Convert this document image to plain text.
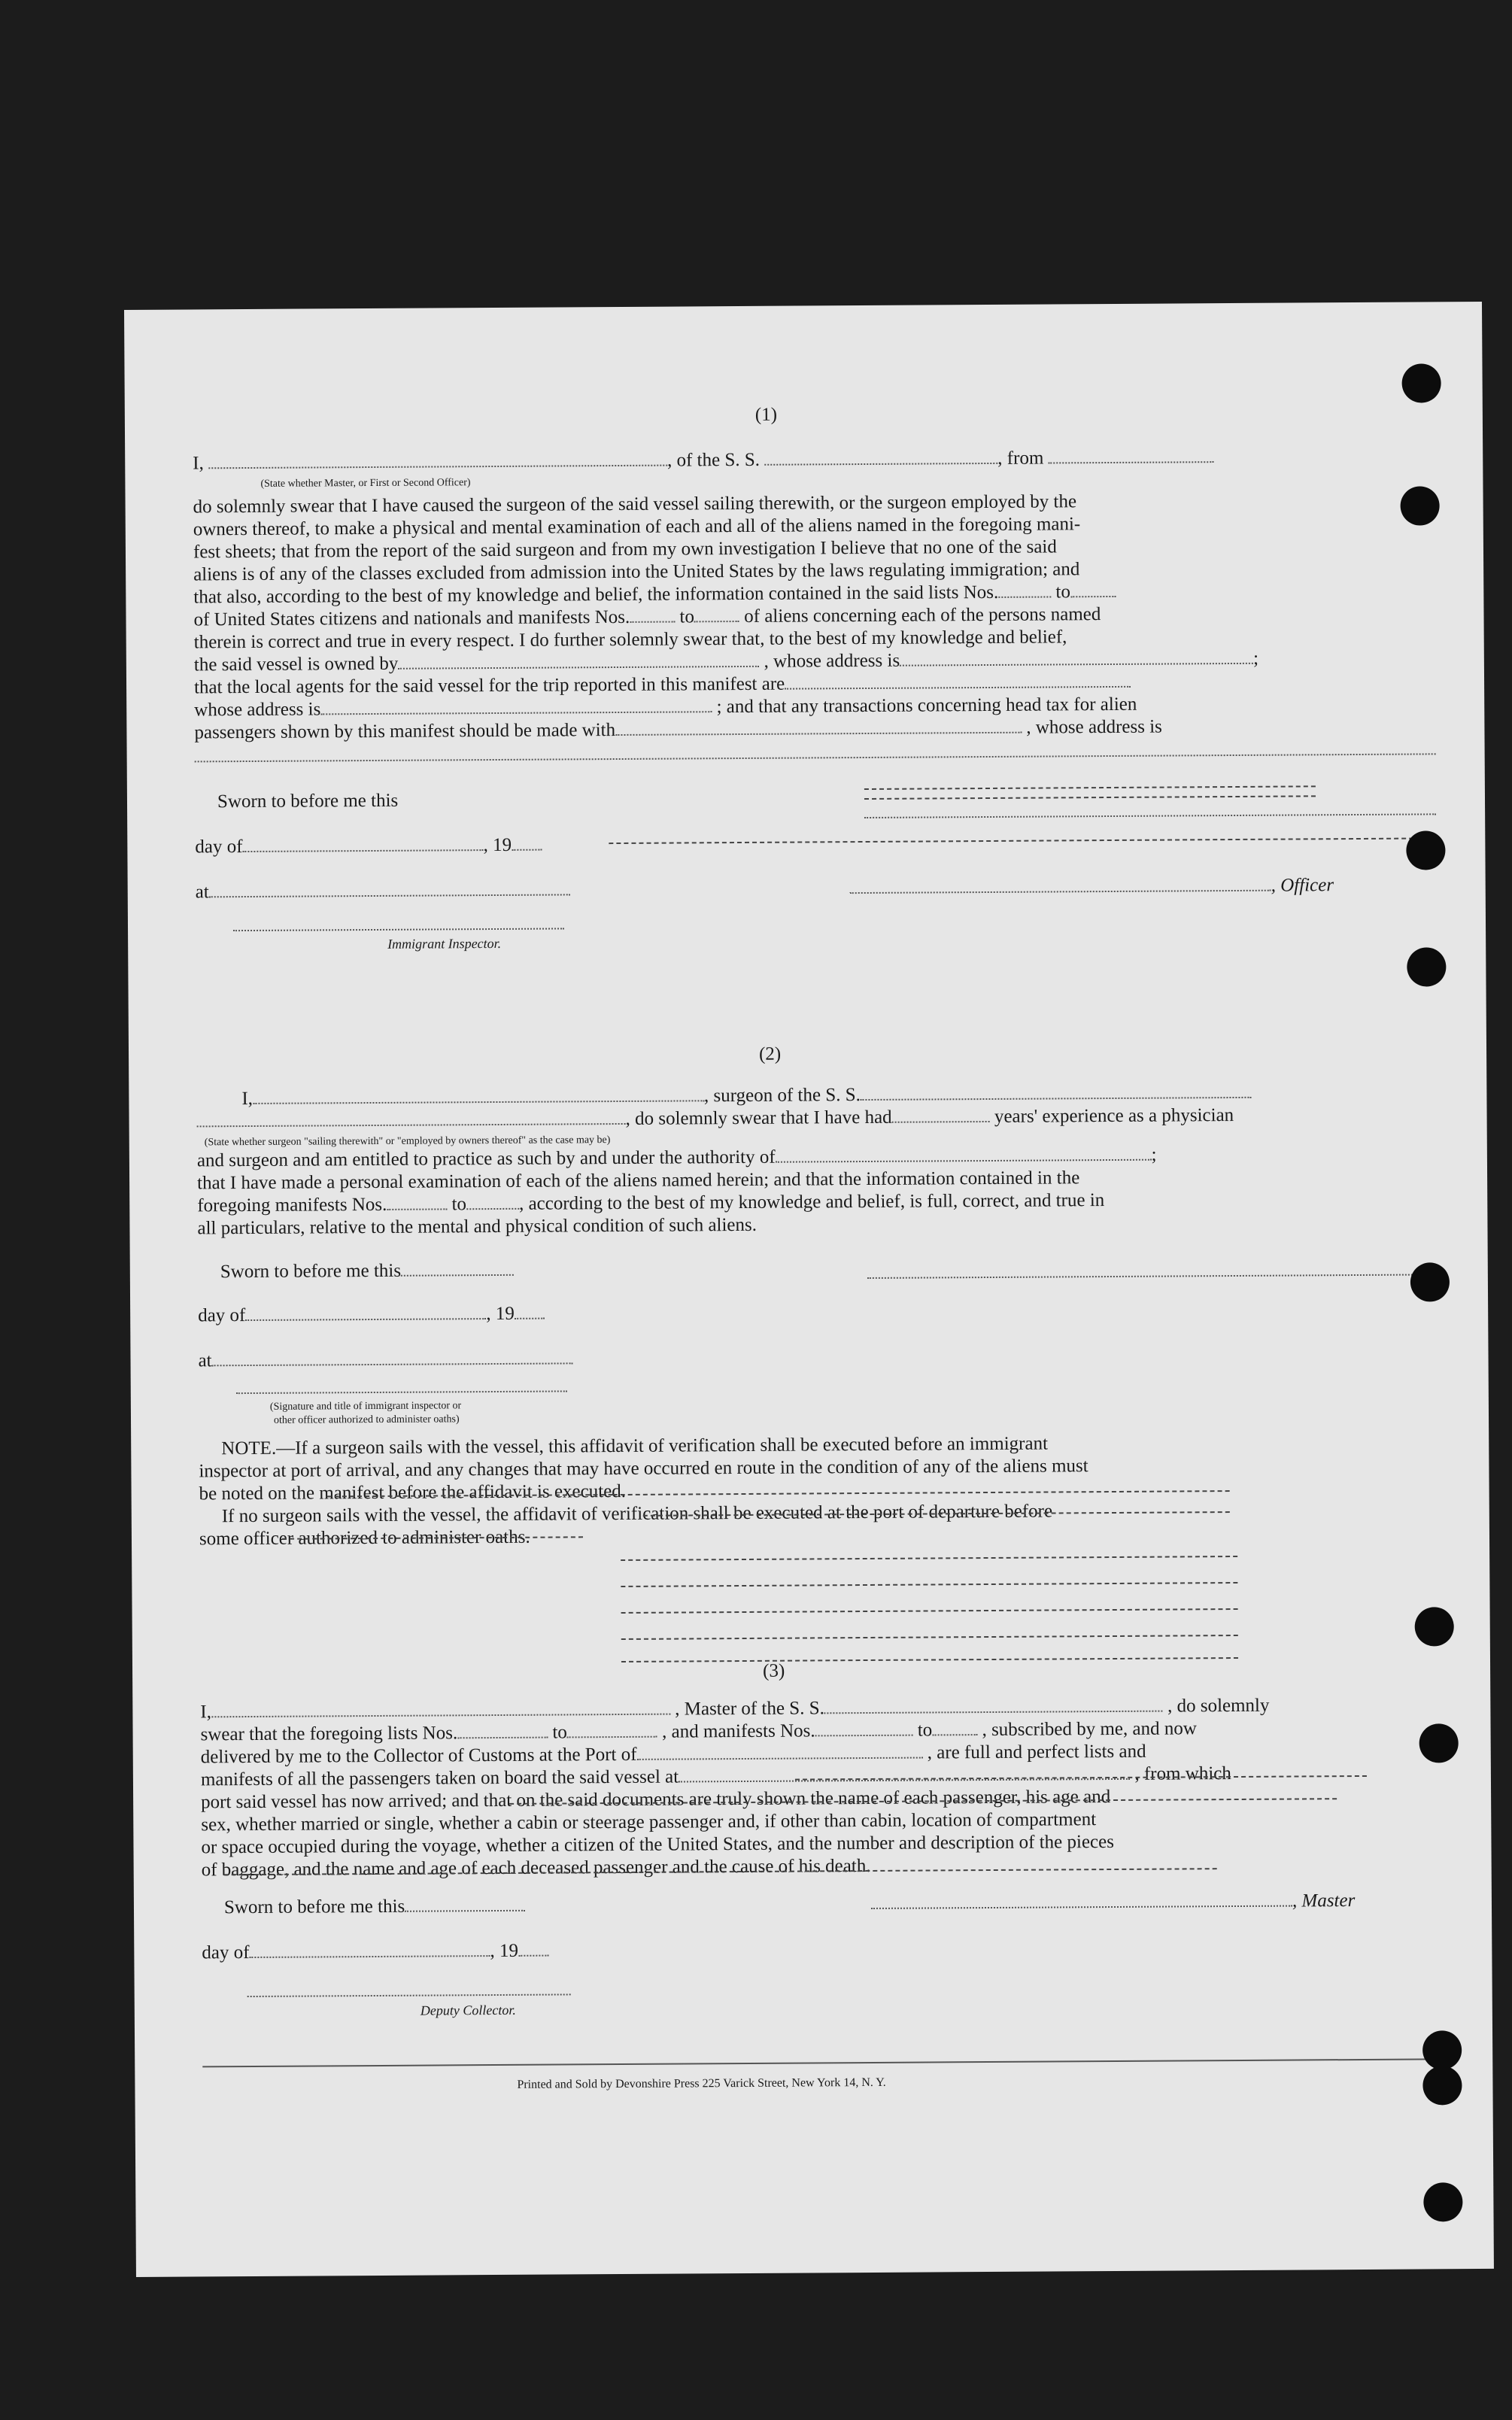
(1)
I,	, of the S. S.	, from
(State whether Master, or First or Second Officer)
do solemnly swear that I have caused the surgeon of the said vessel sailing therewith, or the surgeon employed by the
owners thereof, to make a physical and mental examination of each and all of the aliens named in the foregoing mani-
fest sheets; that from the report of the said surgeon and from my own investigation I believe that no one of the said
aliens is of any of the classes excluded from admission into the United States by the laws regulating immigration; and
that also, according to the best of my knowledge and belief, the information contained in the said lists Nos.	to
of United States citizens and nationals and manifests Nos.	to	of aliens concerning each of the persons named
therein is correct and true in every respect. I do further solemnly swear that, to the best of my knowledge and belief,
the said vessel is owned by	, whose address is	;
that the local agents for the said vessel for the trip reported in this manifest are
whose address is	; and that any transactions concerning head tax for alien
passengers shown by this manifest should be made with	, whose address is
Sworn to before me this
day of	, 19
at	, Officer
Immigrant Inspector.
(2)
I,	, surgeon of the S. S.
, do solemnly swear that I have had	years' experience as a physician
(State whether surgeon "sailing therewith" or "employed by owners thereof" as the case may be)
and surgeon and am entitled to practice as such by and under the authority of	;
that I have made a personal examination of each of the aliens named herein; and that the information contained in the
foregoing manifests Nos.	to	, according to the best of my knowledge and belief, is full, correct, and true in
all particulars, relative to the mental and physical condition of such aliens.
Sworn to before me this
day of	, 19
at
(Signature and title of immigrant inspector or
other officer authorized to administer oaths)
NOTE.—If a surgeon sails with the vessel, this affidavit of verification shall be executed before an immigrant
inspector at port of arrival, and any changes that may have occurred en route in the condition of any of the aliens must
be noted on the manifest before the affidavit is executed.
If no surgeon sails with the vessel, the affidavit of verification shall be executed at the port of departure before
some officer authorized to administer oaths.
(3)
I,	, Master of the S. S.	, do solemnly
swear that the foregoing lists Nos.	to	, and manifests Nos.	to	, subscribed by me, and now
delivered by me to the Collector of Customs at the Port of	, are full and perfect lists and
manifests of all the passengers taken on board the said vessel at	, from which
port said vessel has now arrived; and that on the said documents are truly shown the name of each passenger, his age and
sex, whether married or single, whether a cabin or steerage passenger and, if other than cabin, location of compartment
or space occupied during the voyage, whether a citizen of the United States, and the number and description of the pieces
of baggage, and the name and age of each deceased passenger and the cause of his death.
Sworn to before me this	, Master
day of	, 19
Deputy Collector.
Printed and Sold by Devonshire Press 225 Varick Street, New York 14, N. Y.
